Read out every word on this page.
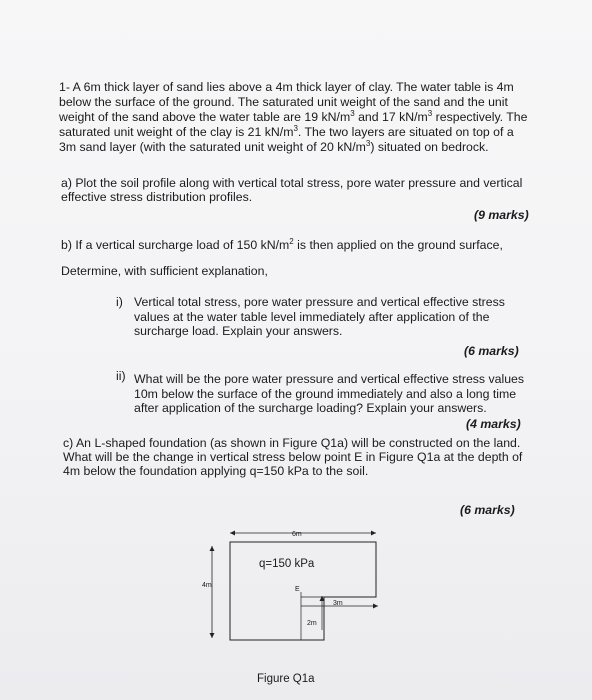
1- A 6m thick layer of sand lies above a 4m thick layer of clay. The water table is 4m
below the surface of the ground. The saturated unit weight of the sand and the unit
weight of the sand above the water table are 19 $kN/m^3$ and 17 $kN/m^3$ respectively. The
saturated unit weight of the clay is 21 $kN/m^3$. The two layers are situated on top of a
3m sand layer (with the saturated unit weight of 20 $kN/m^3$) situated on bedrock.
a) Plot the soil profile along with vertical total stress, pore water pressure and vertical
effective stress distribution profiles.
(9 marks)
b) If a vertical surcharge load of 150 $kN/m^2$ is then applied on the ground surface,
Determine, with sufficient explanation,
i) Vertical total stress, pore water pressure and vertical effective stress
values at the water table level immediately after application of the
surcharge load. Explain your answers.
(6 marks)
ii) What will be the pore water pressure and vertical effective stress values
10m below the surface of the ground immediately and also a long time
after application of the surcharge loading? Explain your answers.
(4 marks)
c) An L-shaped foundation (as shown in Figure Q1a) will be constructed on the land.
What will be the change in vertical stress below point E in Figure Q1a at the depth of
4m below the foundation applying q=150 kPa to the soil.
(6 marks)
6m
4m
q=150 kPa
E
3m
2m
Figure Q1a
